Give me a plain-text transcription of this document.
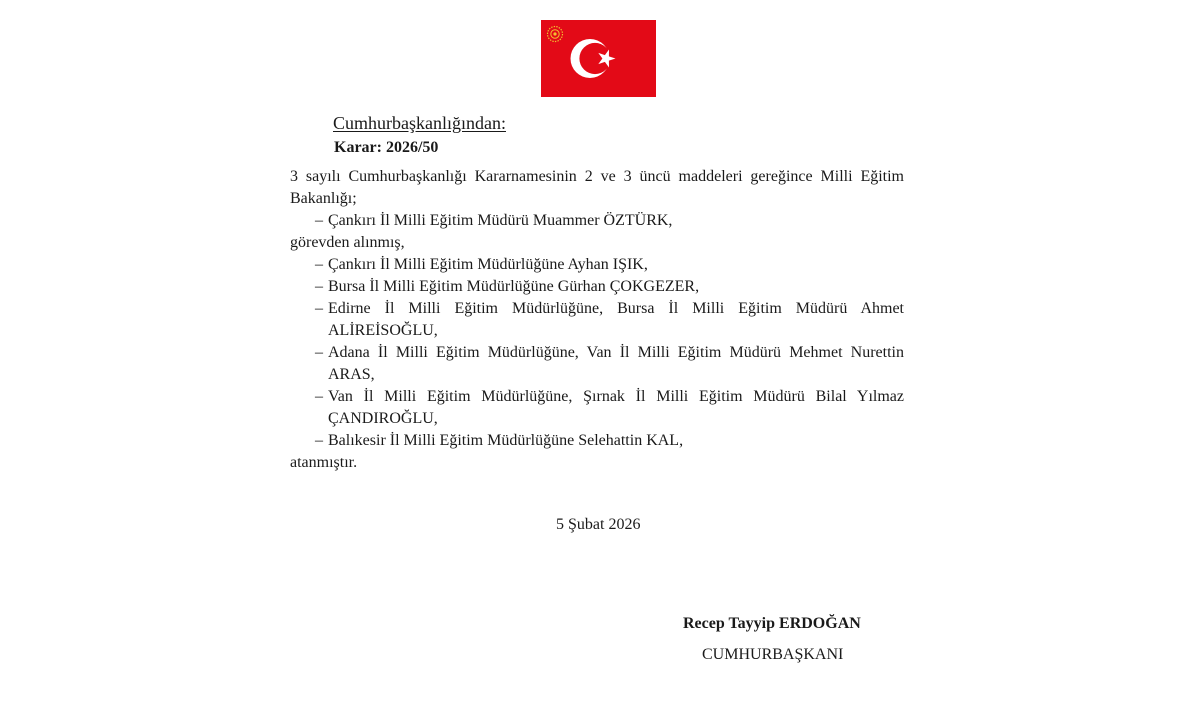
Cumhurbaşkanlığından:
Karar: 2026/50
3 sayılı Cumhurbaşkanlığı Kararnamesinin 2 ve 3 üncü maddeleri gereğince Milli Eğitim Bakanlığı;
– Çankırı İl Milli Eğitim Müdürü Muammer ÖZTÜRK,
görevden alınmış,
– Çankırı İl Milli Eğitim Müdürlüğüne Ayhan IŞIK,
– Bursa İl Milli Eğitim Müdürlüğüne Gürhan ÇOKGEZER,
– Edirne İl Milli Eğitim Müdürlüğüne, Bursa İl Milli Eğitim Müdürü Ahmet ALİREİSOĞLU,
– Adana İl Milli Eğitim Müdürlüğüne, Van İl Milli Eğitim Müdürü Mehmet Nurettin ARAS,
– Van İl Milli Eğitim Müdürlüğüne, Şırnak İl Milli Eğitim Müdürü Bilal Yılmaz ÇANDIROĞLU,
– Balıkesir İl Milli Eğitim Müdürlüğüne Selehattin KAL,
atanmıştır.
5 Şubat 2026
Recep Tayyip ERDOĞAN
CUMHURBAŞKANI
